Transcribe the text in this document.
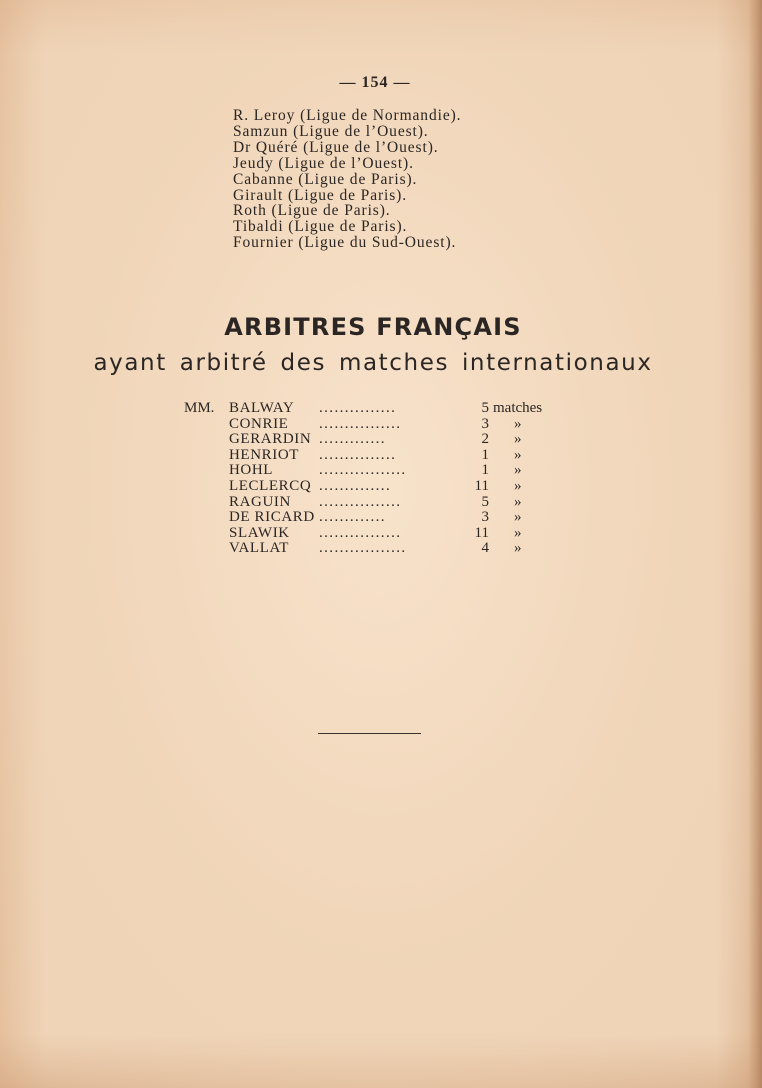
— 154 —
R. Leroy (Ligue de Normandie).
Samzun (Ligue de l’Ouest).
Dr Quéré (Ligue de l’Ouest).
Jeudy (Ligue de l’Ouest).
Cabanne (Ligue de Paris).
Girault (Ligue de Paris).
Roth (Ligue de Paris).
Tibaldi (Ligue de Paris).
Fournier (Ligue du Sud-Ouest).
ARBITRES FRANÇAIS
ayant arbitré des matches internationaux
MM. BALWAY ...............	5 matches
CONRIE ................	3 »
GERARDIN .............	2 »
HENRIOT ...............	1 »
HOHL	.................	1 »
LECLERCQ ..............	11 »
RAGUIN ................	5 »
DE RICARD .............	3 »
SLAWIK ................	11 »
VALLAT .................	4 »
